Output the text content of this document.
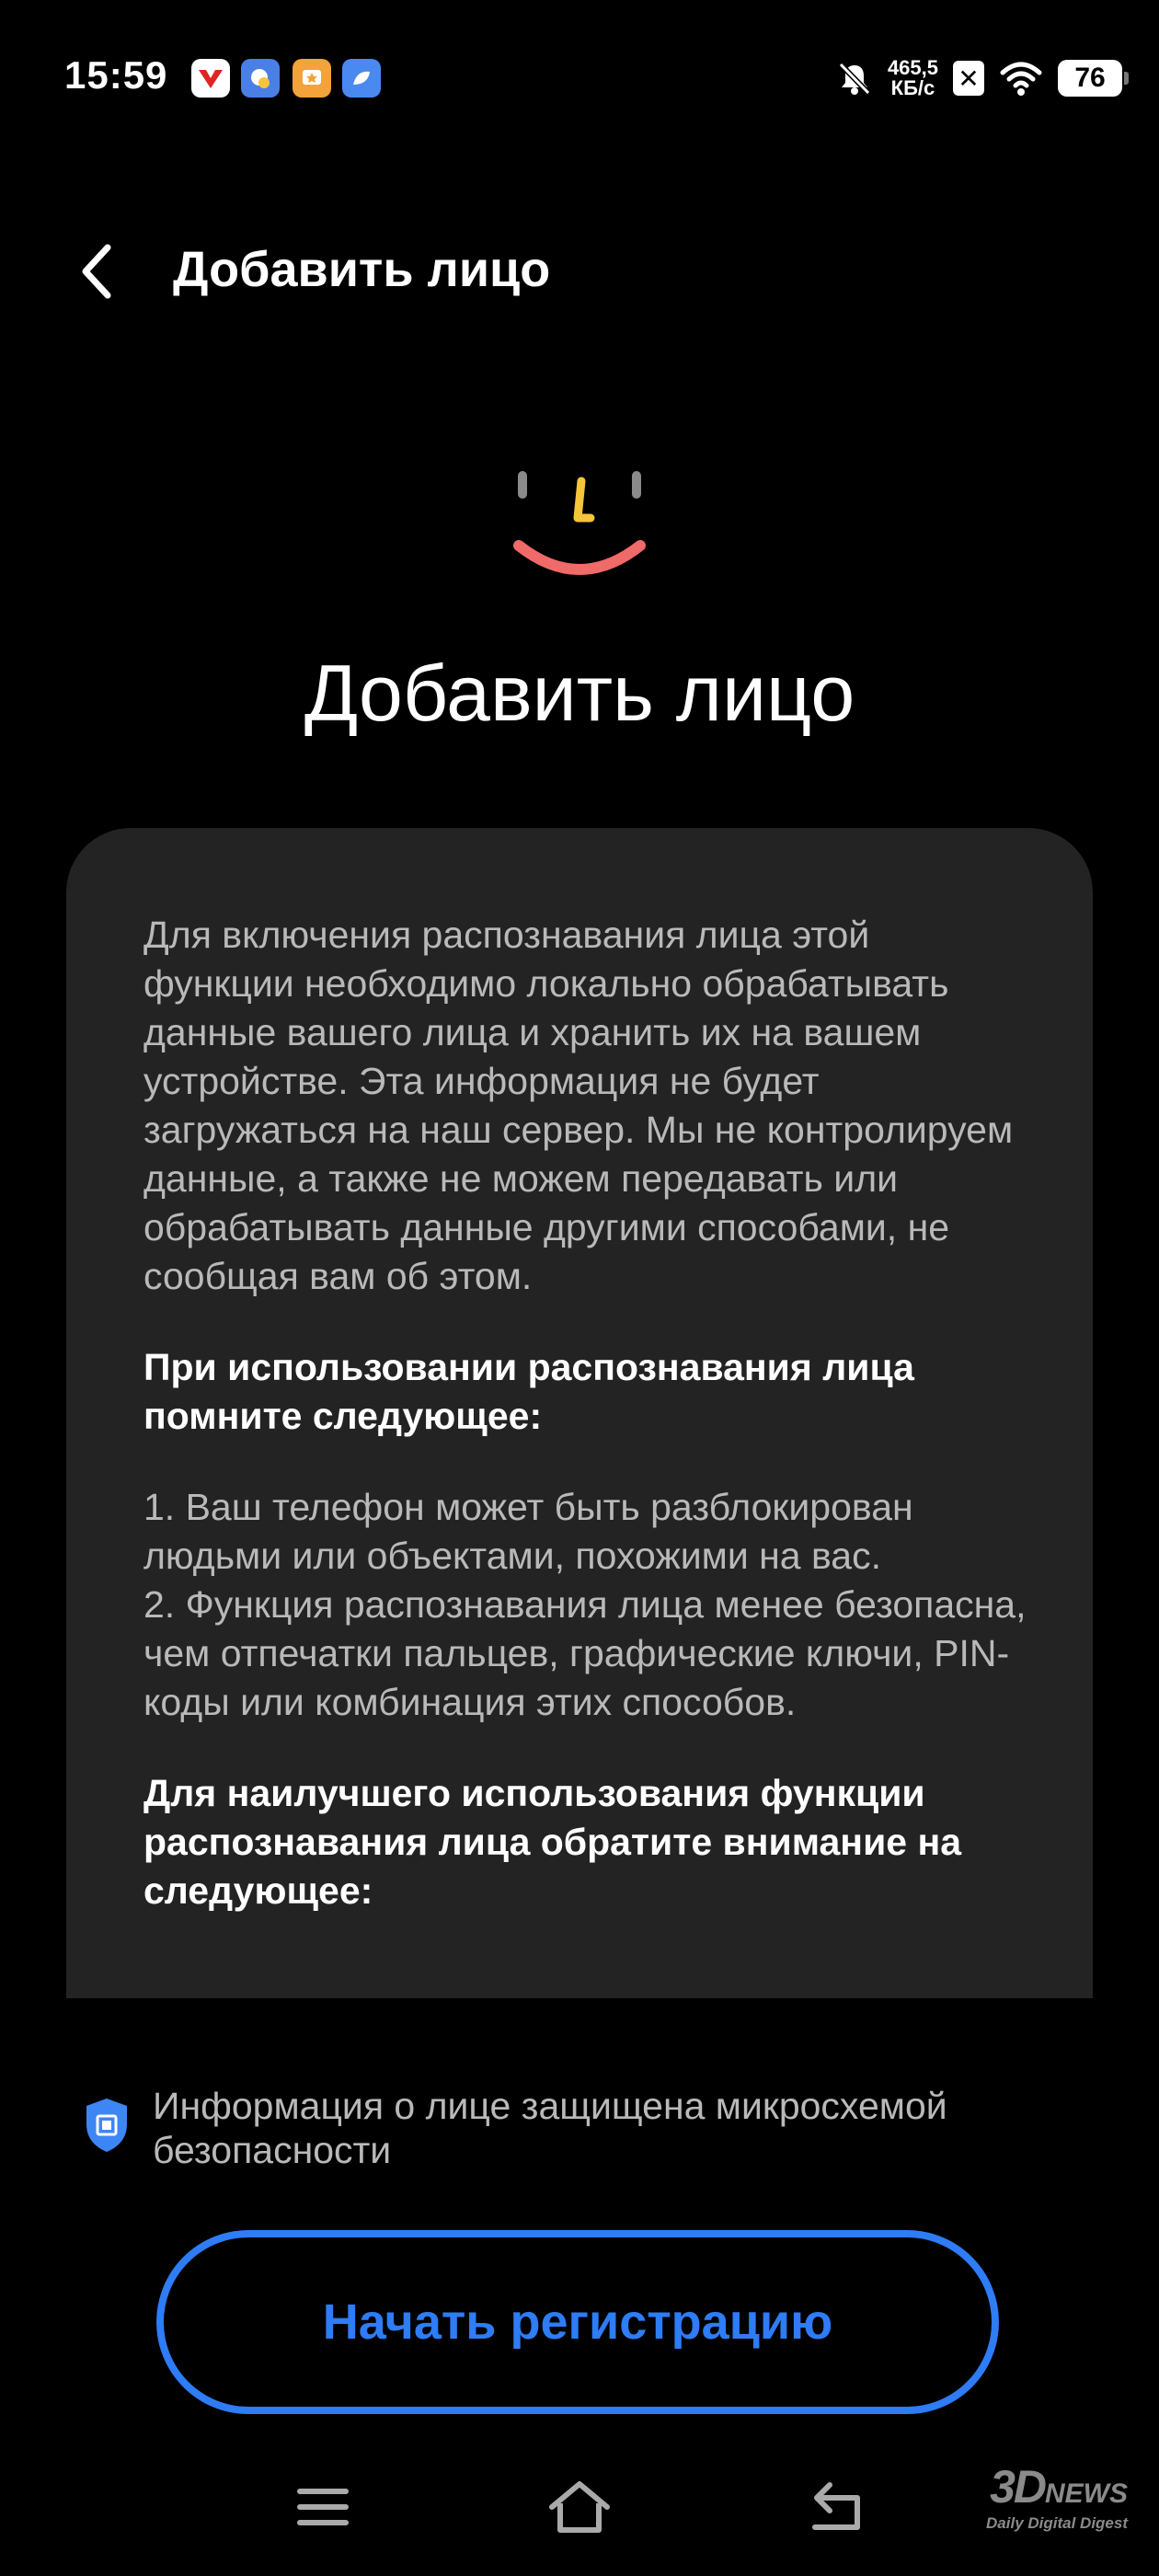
15:59	465,5
КБ/с ✕	76
Добавить лицо
Добавить лицо

Для включения распознавания лица этой функции необходимо локально обрабатывать данные вашего лица и хранить их на вашем устройстве. Эта информация не будет загружаться на наш сервер. Мы не контролируем данные, а также не можем передавать или обрабатывать данные другими способами, не сообщая вам об этом.

При использовании распознавания лица помните следующее:

1. Ваш телефон может быть разблокирован людьми или объектами, похожими на вас.
2. Функция распознавания лица менее безопасна, чем отпечатки пальцев, графические ключи, PIN-коды или комбинация этих способов.

Для наилучшего использования функции распознавания лица обратите внимание на следующее:

Информация о лице защищена микросхемой безопасности
Начать регистрацию
3DNEWS
Daily Digital Digest
